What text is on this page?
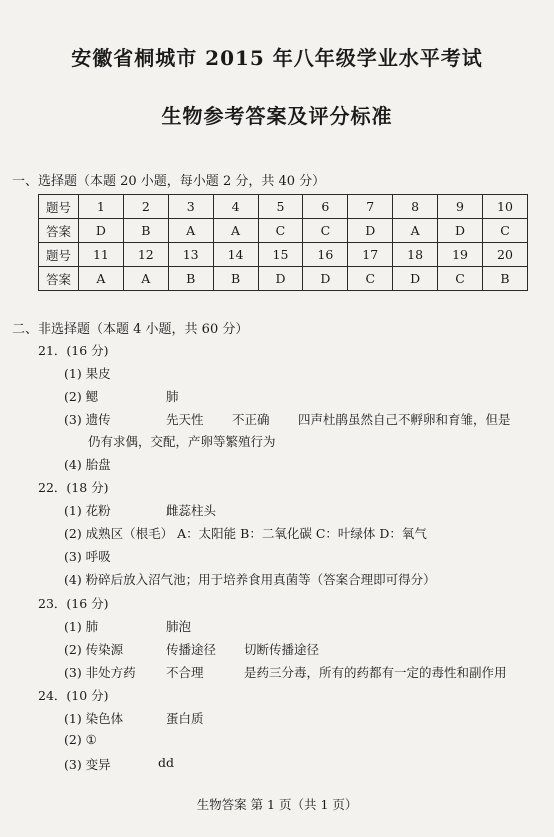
安徽省桐城市 2015 年八年级学业水平考试
生物参考答案及评分标准
一、选择题（本题 20 小题，每小题 2 分，共 40 分）
题号	1	2	3	4	5	6	7	8	9	10
答案	D	B	A	A	C	C	D	A	D	C
题号	11	12	13	14	15	16	17	18	19	20
答案	A	A	B	B	D	D	C	D	C	B
二、非选择题（本题 4 小题，共 60 分）
21．(16 分)
(1) 果皮
(2) 鳃	肺
(3) 遗传	先天性 不正确 四声杜鹃虽然自己不孵卵和育雏，但是
仍有求偶，交配，产卵等繁殖行为
(4) 胎盘
22．(18 分)
(1) 花粉	雌蕊柱头
(2) 成熟区（根毛） A：太阳能 B：二氧化碳 C：叶绿体 D：氧气
(3) 呼吸
(4) 粉碎后放入沼气池；用于培养食用真菌等（答案合理即可得分）
23．(16 分)
(1) 肺	肺泡
(2) 传染源	传播途径 切断传播途径
(3) 非处方药 不合理	是药三分毒，所有的药都有一定的毒性和副作用
24．(10 分)
(1) 染色体	蛋白质
(2) ①
(3) 变异	dd
生物答案 第 1 页（共 1 页）
